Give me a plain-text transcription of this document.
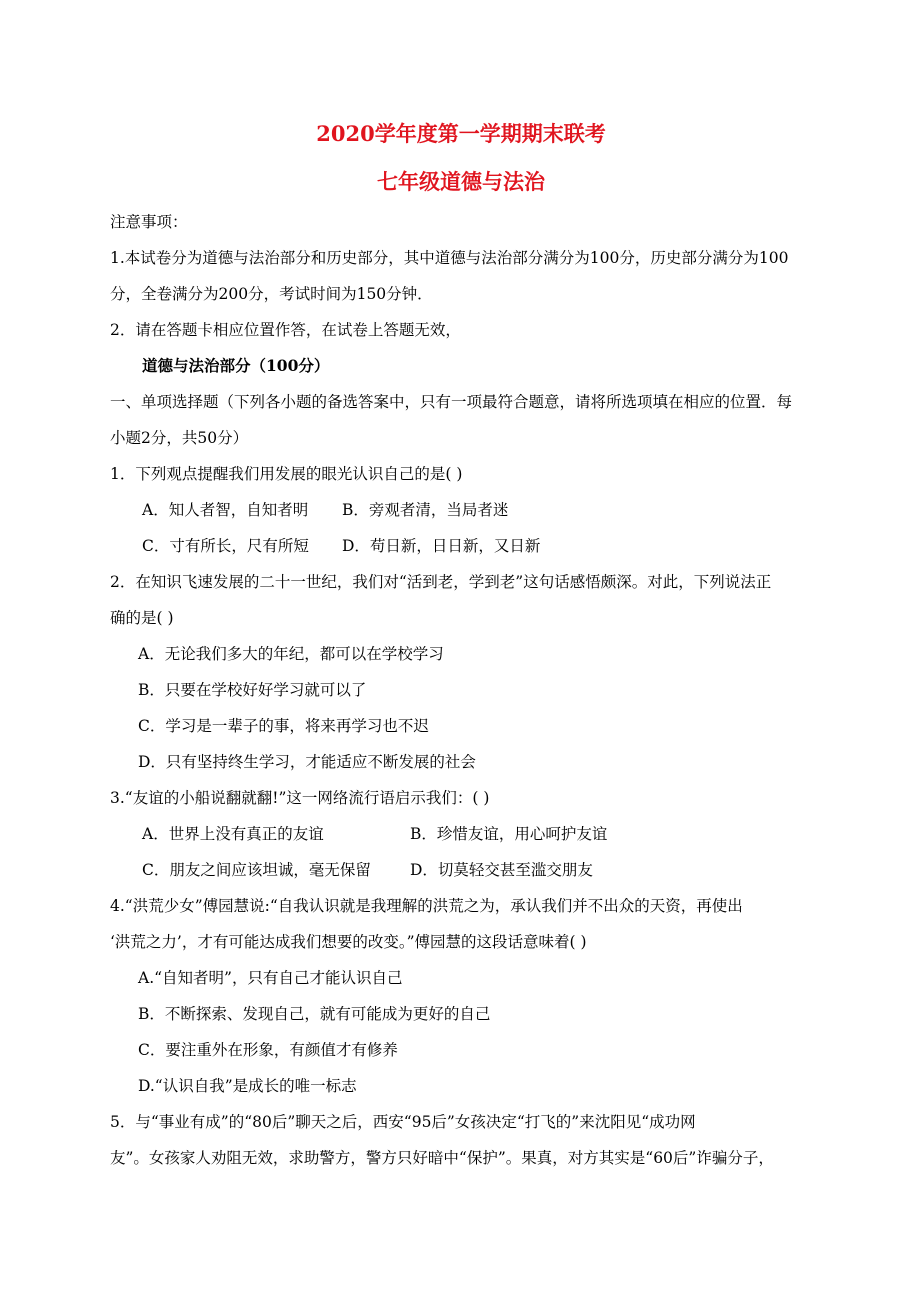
2020学年度第一学期期末联考
七年级道德与法治

注意事项：

1.本试卷分为道德与法治部分和历史部分，其中道德与法治部分满分为100分，历史部分满分为100

分，全卷满分为200分，考试时间为150分钟．

2．请在答题卡相应位置作答，在试卷上答题无效，

道德与法治部分（100分）

一、单项选择题（下列各小题的备选答案中，只有一项最符合题意，请将所选项填在相应的位置．每

小题2分，共50分）

1．下列观点提醒我们用发展的眼光认识自己的是( )

A．知人者智，自知者明	B．旁观者清，当局者迷
C．寸有所长，尺有所短	D．苟日新，日日新，又日新

2．在知识飞速发展的二十一世纪，我们对“活到老，学到老”这句话感悟颇深。对此，下列说法正

确的是( )

A．无论我们多大的年纪，都可以在学校学习

B．只要在学校好好学习就可以了

C．学习是一辈子的事，将来再学习也不迟

D．只有坚持终生学习，才能适应不断发展的社会

3.“友谊的小船说翻就翻!”这一网络流行语启示我们：( )

A．世界上没有真正的友谊	B．珍惜友谊，用心呵护友谊
C．朋友之间应该坦诚，毫无保留	D．切莫轻交甚至滥交朋友

4.“洪荒少女”傅园慧说:“自我认识就是我理解的洪荒之为，承认我们并不出众的天资，再使出

‘洪荒之力’，才有可能达成我们想要的改变。”傅园慧的这段话意味着( )

A.“自知者明”，只有自己才能认识自己

B．不断探索、发现自己，就有可能成为更好的自己

C．要注重外在形象，有颜值才有修养

D.“认识自我”是成长的唯一标志

5．与“事业有成”的“80后”聊天之后，西安“95后”女孩决定“打飞的”来沈阳见“成功网

友”。女孩家人劝阻无效，求助警方，警方只好暗中“保护”。果真，对方其实是“60后”诈骗分子，
